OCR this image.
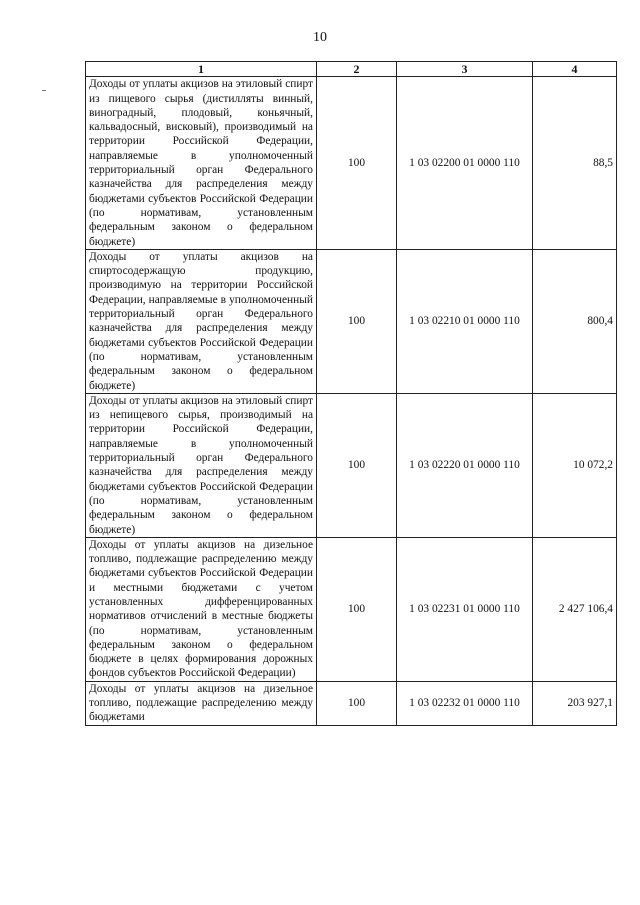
10
1	2	3	4
Доходы от уплаты акцизов на этиловый спирт из пищевого сырья (дистилляты винный, виноградный, плодовый, коньячный, кальвадосный, висковый), производимый на территории Российской Федерации, направляемые в уполномоченный территориальный орган Федерального казначейства для распределения между бюджетами субъектов Российской Федерации (по нормативам, установленным федеральным законом о федеральном бюджете)	100	1 03 02200 01 0000 110	88,5
Доходы от уплаты акцизов на спиртосодержащую продукцию, производимую на территории Российской Федерации, направляемые в уполномоченный территориальный орган Федерального казначейства для распределения между бюджетами субъектов Российской Федерации (по нормативам, установленным федеральным законом о федеральном бюджете)	100	1 03 02210 01 0000 110	800,4
Доходы от уплаты акцизов на этиловый спирт из непищевого сырья, производимый на территории Российской Федерации, направляемые в уполномоченный территориальный орган Федерального казначейства для распределения между бюджетами субъектов Российской Федерации (по нормативам, установленным федеральным законом о федеральном бюджете)	100	1 03 02220 01 0000 110	10 072,2
Доходы от уплаты акцизов на дизельное топливо, подлежащие распределению между бюджетами субъектов Российской Федерации и местными бюджетами с учетом установленных дифференцированных нормативов отчислений в местные бюджеты (по нормативам, установленным федеральным законом о федеральном бюджете в целях формирования дорожных фондов субъектов Российской Федерации)	100	1 03 02231 01 0000 110	2 427 106,4
Доходы от уплаты акцизов на дизельное топливо, подлежащие распределению между бюджетами	100	1 03 02232 01 0000 110	203 927,1
